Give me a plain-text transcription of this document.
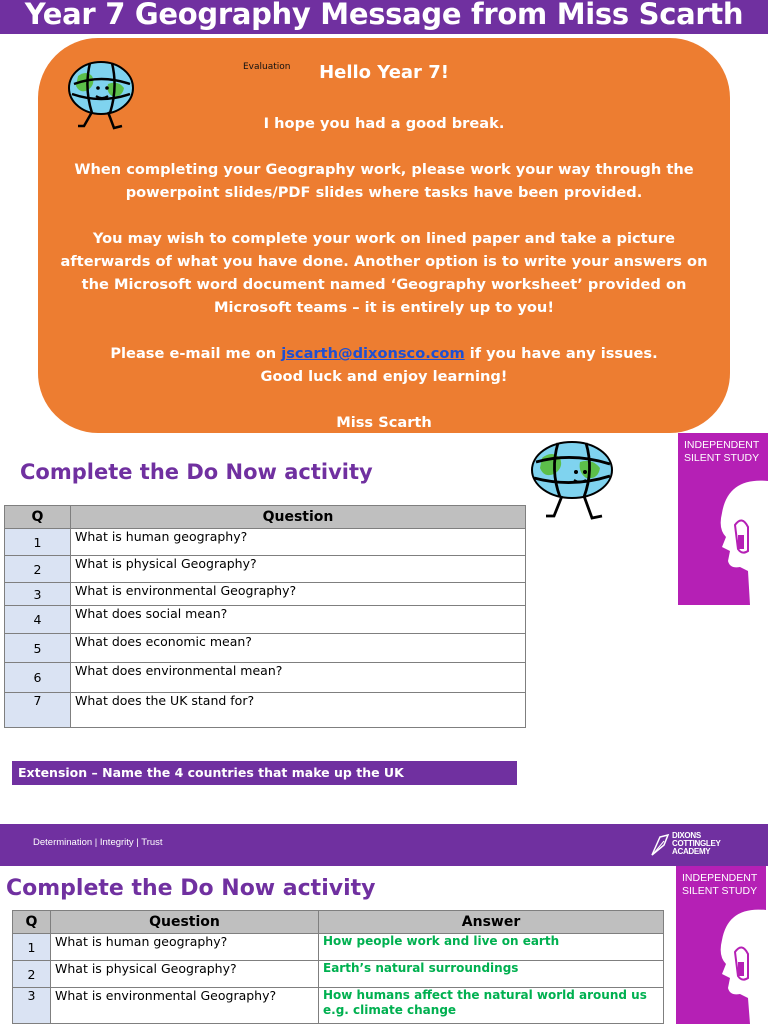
Year 7 Geography Message from Miss Scarth
Evaluation	Hello Year 7!
I hope you had a good break.
When completing your Geography work, please work your way through the
powerpoint slides/PDF slides where tasks have been provided.
You may wish to complete your work on lined paper and take a picture
afterwards of what you have done. Another option is to write your answers on
the Microsoft word document named ‘Geography worksheet’ provided on
Microsoft teams – it is entirely up to you!
Please e-mail me on jscarth@dixonsco.com if you have any issues.
Good luck and enjoy learning!
Miss Scarth
Complete the Do Now activity
INDEPENDENT
SILENT STUDY
Q	Question
1	What is human geography?
2	What is physical Geography?
3	What is environmental Geography?
4	What does social mean?
5	What does economic mean?
6	What does environmental mean?
7	What does the UK stand for?
Extension – Name the 4 countries that make up the UK
Determination | Integrity | Trust
DIXONS
COTTINGLEY
ACADEMY
Complete the Do Now activity	INDEPENDENT
SILENT STUDY
Q	Question	Answer
1	What is human geography?	How people work and live on earth
2	What is physical Geography?	Earth’s natural surroundings
3	What is environmental Geography?	How humans affect the natural world around us e.g. climate change
